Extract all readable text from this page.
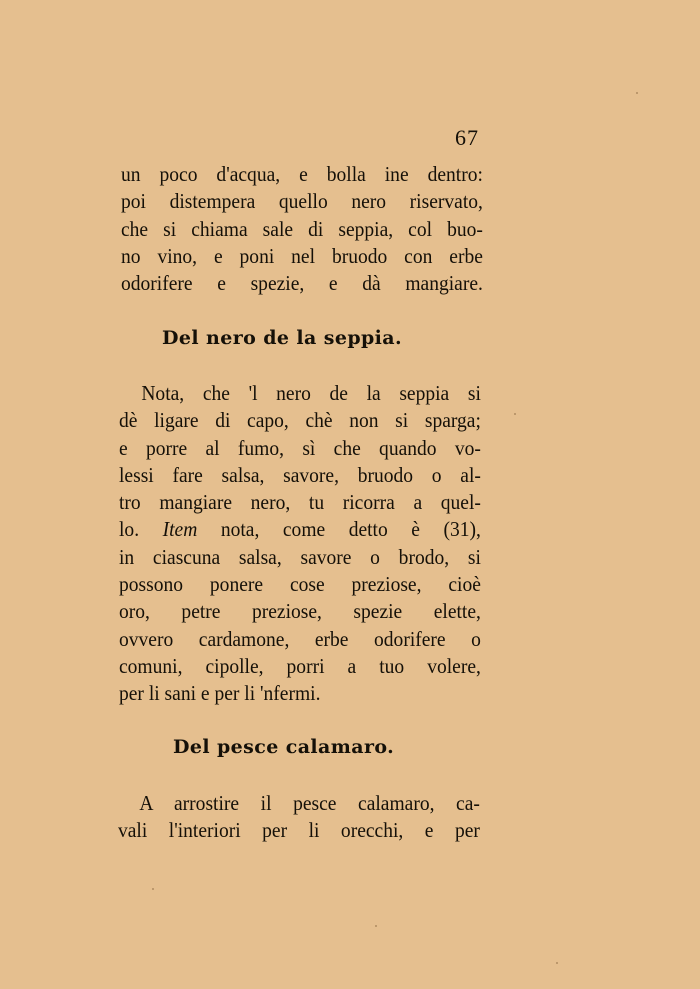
67
un poco d'acqua, e bolla ine dentro:
poi distempera quello nero riservato,
che si chiama sale di seppia, col buo-
no vino, e poni nel bruodo con erbe
odorifere e spezie, e dà mangiare.
Del nero de la seppia.
Nota, che 'l nero de la seppia si
dè ligare di capo, chè non si sparga;
e porre al fumo, sì che quando vo-
lessi fare salsa, savore, bruodo o al-
tro mangiare nero, tu ricorra a quel-
lo. Item nota, come detto è (31),
in ciascuna salsa, savore o brodo, si
possono ponere cose preziose, cioè
oro, petre preziose, spezie elette,
ovvero cardamone, erbe odorifere o
comuni, cipolle, porri a tuo volere,
per li sani e per li 'nfermi.
Del pesce calamaro.
A arrostire il pesce calamaro, ca-
vali l'interiori per li orecchi, e per
